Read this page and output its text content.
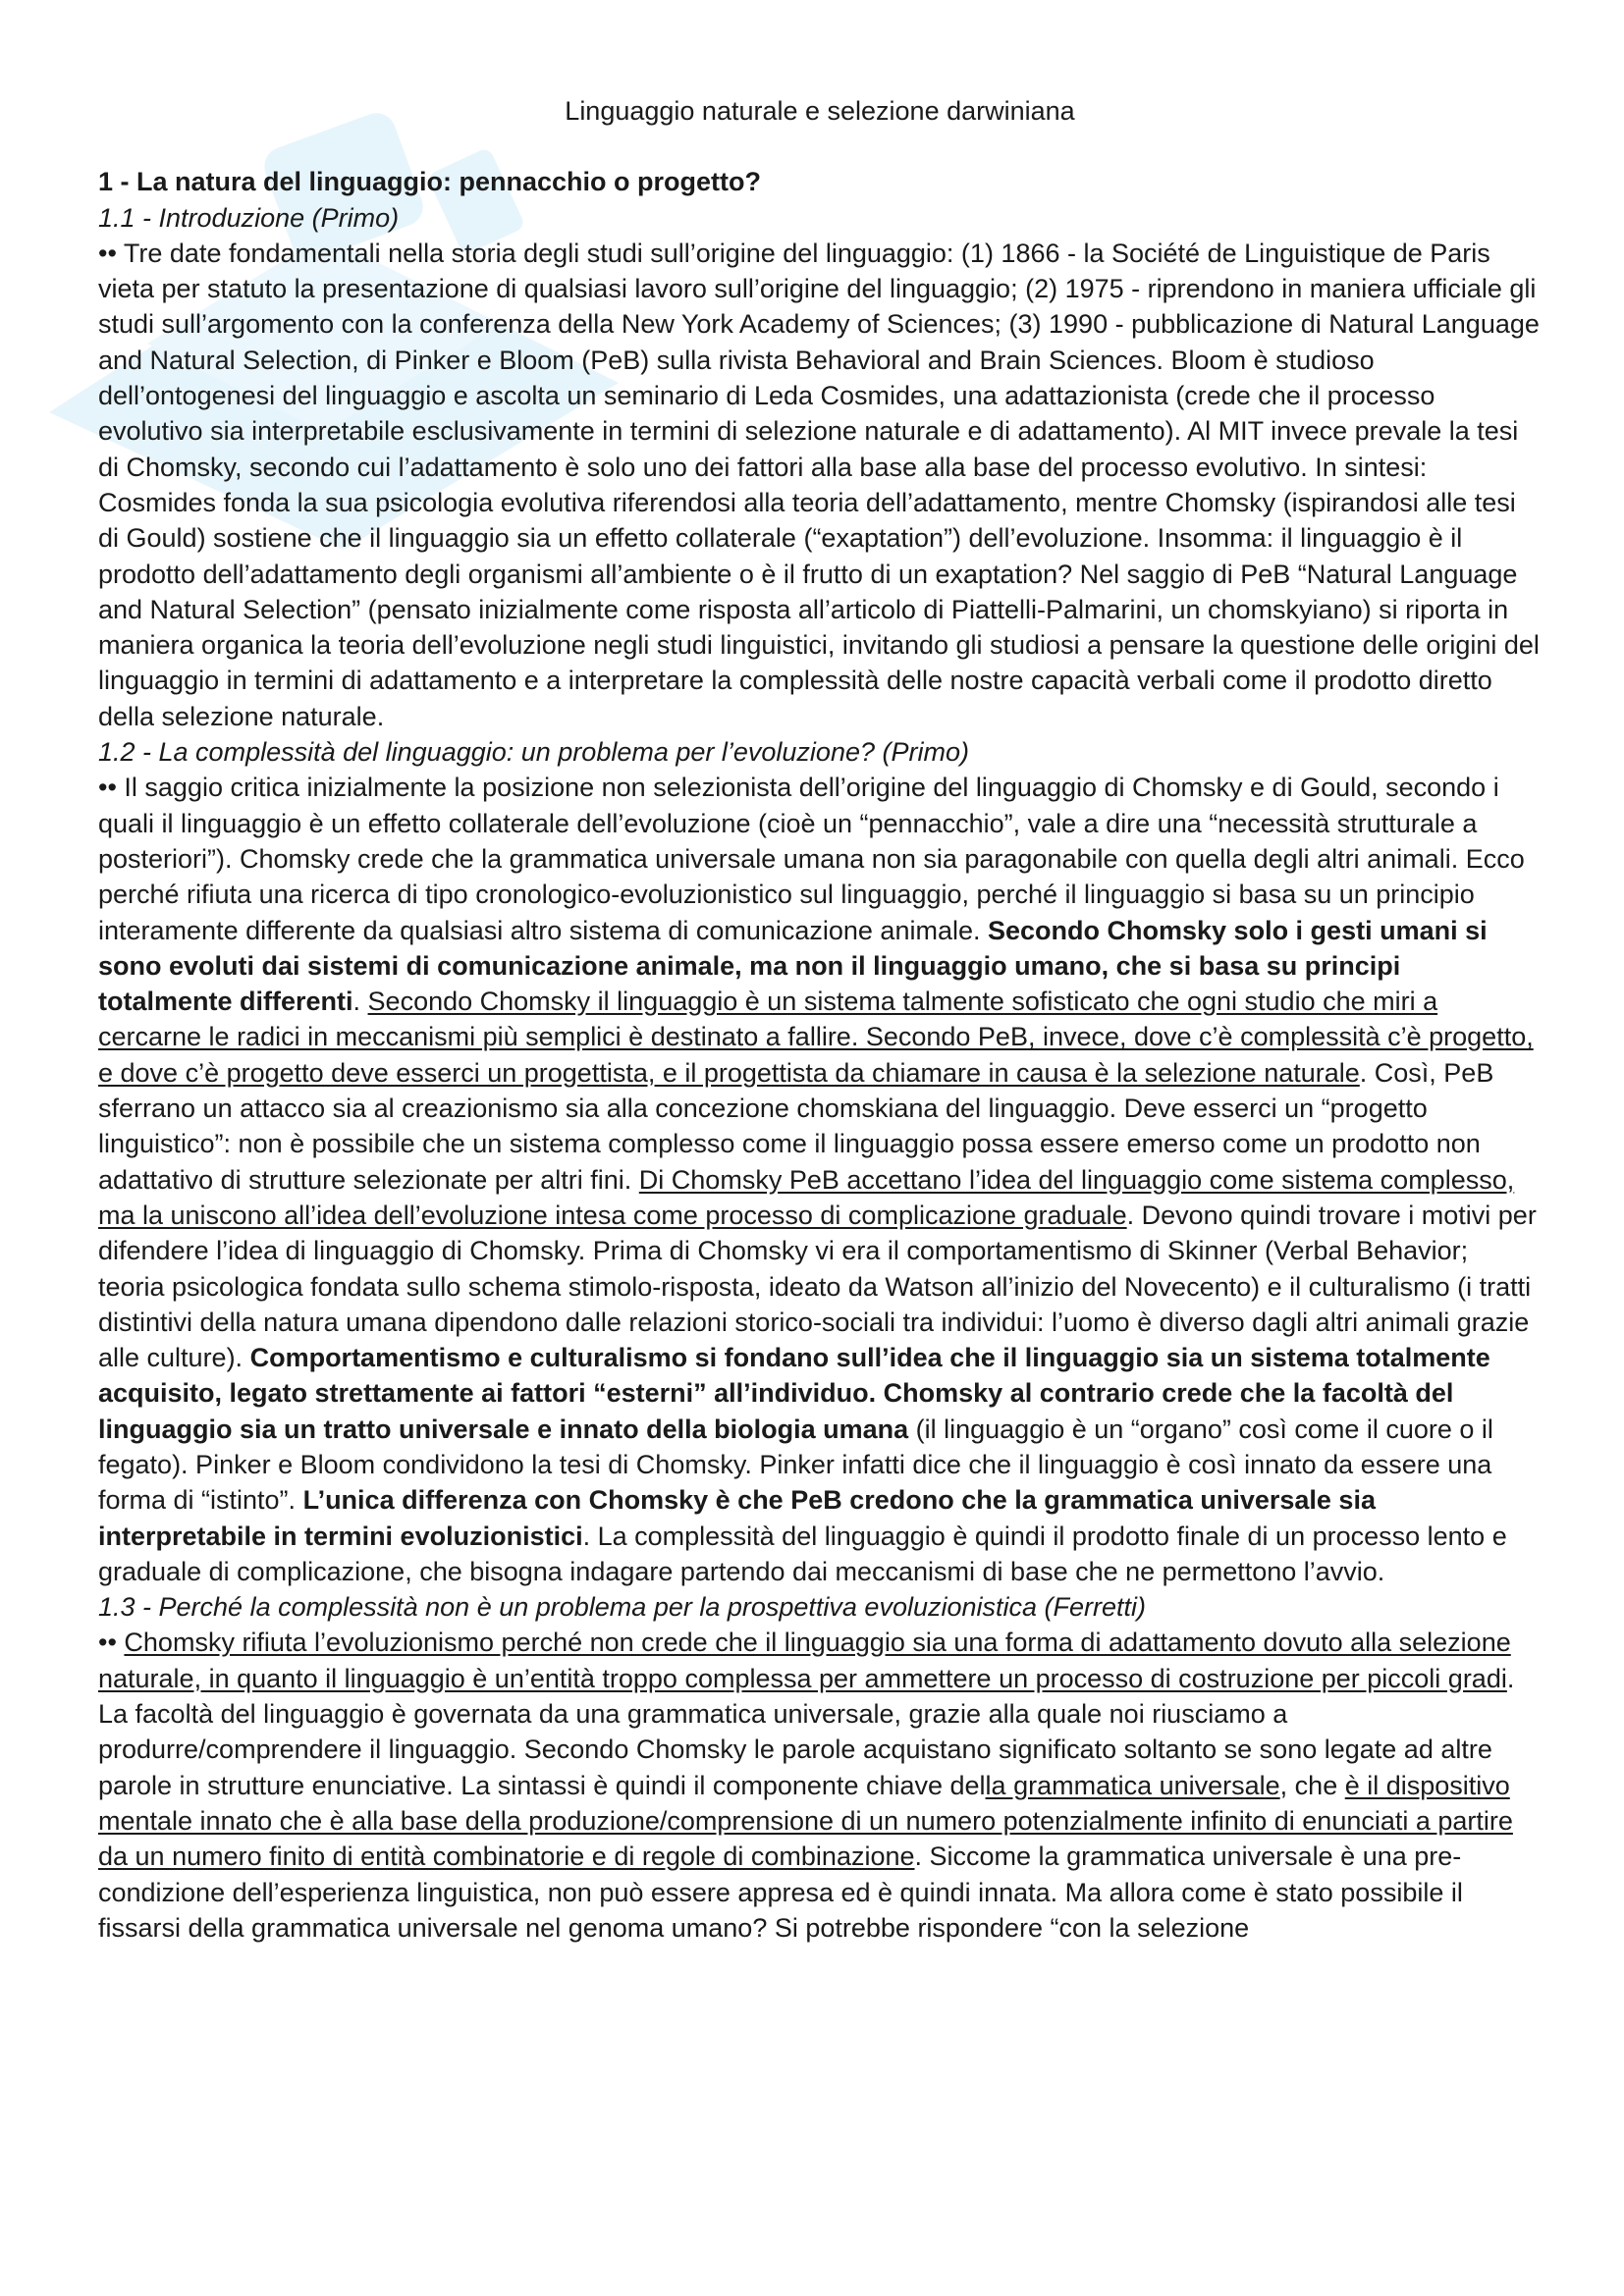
Linguaggio naturale e selezione darwiniana
1 - La natura del linguaggio: pennacchio o progetto?
1.1 - Introduzione (Primo)

•• Tre date fondamentali nella storia degli studi sull’origine del linguaggio: (1) 1866 - la Société de Linguistique de Paris vieta per statuto la presentazione di qualsiasi lavoro sull’origine del linguaggio; (2) 1975 - riprendono in maniera ufficiale gli studi sull’argomento con la conferenza della New York Academy of Sciences; (3) 1990 - pubblicazione di Natural Language and Natural Selection, di Pinker e Bloom (PeB) sulla rivista Behavioral and Brain Sciences. Bloom è studioso dell’ontogenesi del linguaggio e ascolta un seminario di Leda Cosmides, una adattazionista (crede che il processo evolutivo sia interpretabile esclusivamente in termini di selezione naturale e di adattamento). Al MIT invece prevale la tesi di Chomsky, secondo cui l’adattamento è solo uno dei fattori alla base alla base del processo evolutivo. In sintesi: Cosmides fonda la sua psicologia evolutiva riferendosi alla teoria dell’adattamento, mentre Chomsky (ispirandosi alle tesi di Gould) sostiene che il linguaggio sia un effetto collaterale (“exaptation”) dell’evoluzione. Insomma: il linguaggio è il prodotto dell’adattamento degli organismi all’ambiente o è il frutto di un exaptation? Nel saggio di PeB “Natural Language and Natural Selection” (pensato inizialmente come risposta all’articolo di Piattelli-Palmarini, un chomskyiano) si riporta in maniera organica la teoria dell’evoluzione negli studi linguistici, invitando gli studiosi a pensare la questione delle origini del linguaggio in termini di adattamento e a interpretare la complessità delle nostre capacità verbali come il prodotto diretto della selezione naturale.

1.2 - La complessità del linguaggio: un problema per l’evoluzione? (Primo)

•• Il saggio critica inizialmente la posizione non selezionista dell’origine del linguaggio di Chomsky e di Gould, secondo i quali il linguaggio è un effetto collaterale dell’evoluzione (cioè un “pennacchio”, vale a dire una “necessità strutturale a posteriori”). Chomsky crede che la grammatica universale umana non sia paragonabile con quella degli altri animali. Ecco perché rifiuta una ricerca di tipo cronologico-evoluzionistico sul linguaggio, perché il linguaggio si basa su un principio interamente differente da qualsiasi altro sistema di comunicazione animale. Secondo Chomsky solo i gesti umani si sono evoluti dai sistemi di comunicazione animale, ma non il linguaggio umano, che si basa su principi totalmente differenti. Secondo Chomsky il linguaggio è un sistema talmente sofisticato che ogni studio che miri a cercarne le radici in meccanismi più semplici è destinato a fallire. Secondo PeB, invece, dove c’è complessità c’è progetto, e dove c’è progetto deve esserci un progettista, e il progettista da chiamare in causa è la selezione naturale. Così, PeB sferrano un attacco sia al creazionismo sia alla concezione chomskiana del linguaggio. Deve esserci un “progetto linguistico”: non è possibile che un sistema complesso come il linguaggio possa essere emerso come un prodotto non adattativo di strutture selezionate per altri fini. Di Chomsky PeB accettano l’idea del linguaggio come sistema complesso, ma la uniscono all’idea dell’evoluzione intesa come processo di complicazione graduale. Devono quindi trovare i motivi per difendere l’idea di linguaggio di Chomsky. Prima di Chomsky vi era il comportamentismo di Skinner (Verbal Behavior; teoria psicologica fondata sullo schema stimolo-risposta, ideato da Watson all’inizio del Novecento) e il culturalismo (i tratti distintivi della natura umana dipendono dalle relazioni storico-sociali tra individui: l’uomo è diverso dagli altri animali grazie alle culture). Comportamentismo e culturalismo si fondano sull’idea che il linguaggio sia un sistema totalmente acquisito, legato strettamente ai fattori “esterni” all’individuo. Chomsky al contrario crede che la facoltà del linguaggio sia un tratto universale e innato della biologia umana (il linguaggio è un “organo” così come il cuore o il fegato). Pinker e Bloom condividono la tesi di Chomsky. Pinker infatti dice che il linguaggio è così innato da essere una forma di “istinto”. L’unica differenza con Chomsky è che PeB credono che la grammatica universale sia interpretabile in termini evoluzionistici. La complessità del linguaggio è quindi il prodotto finale di un processo lento e graduale di complicazione, che bisogna indagare partendo dai meccanismi di base che ne permettono l’avvio.

1.3 - Perché la complessità non è un problema per la prospettiva evoluzionistica (Ferretti)

•• Chomsky rifiuta l’evoluzionismo perché non crede che il linguaggio sia una forma di adattamento dovuto alla selezione naturale, in quanto il linguaggio è un’entità troppo complessa per ammettere un processo di costruzione per piccoli gradi. La facoltà del linguaggio è governata da una grammatica universale, grazie alla quale noi riusciamo a produrre/comprendere il linguaggio. Secondo Chomsky le parole acquistano significato soltanto se sono legate ad altre parole in strutture enunciative. La sintassi è quindi il componente chiave della grammatica universale, che è il dispositivo mentale innato che è alla base della produzione/comprensione di un numero potenzialmente infinito di enunciati a partire da un numero finito di entità combinatorie e di regole di combinazione. Siccome la grammatica universale è una pre-condizione dell’esperienza linguistica, non può essere appresa ed è quindi innata. Ma allora come è stato possibile il fissarsi della grammatica universale nel genoma umano? Si potrebbe rispondere “con la selezione
